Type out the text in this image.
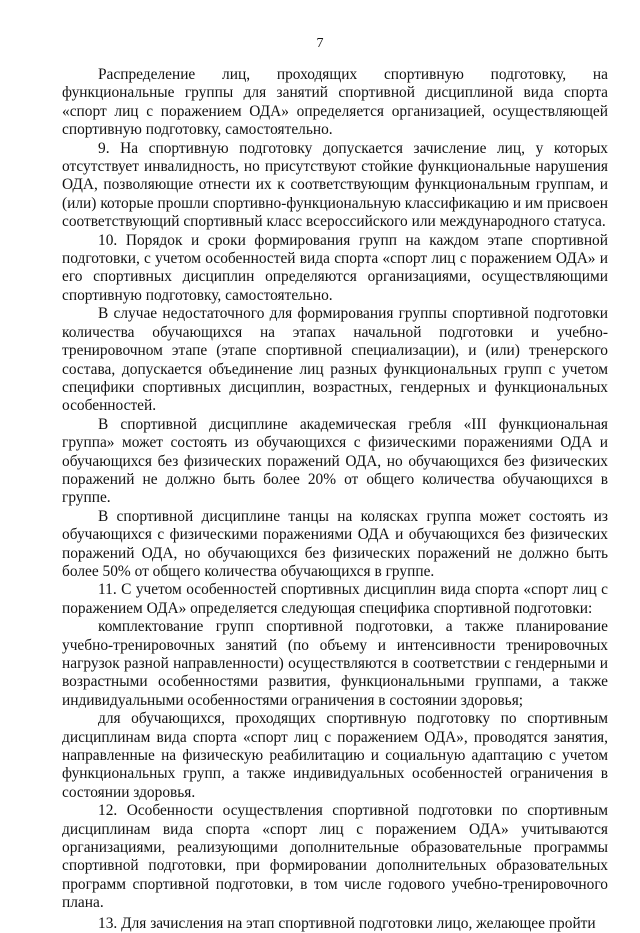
7

Распределение лиц, проходящих спортивную подготовку, на функциональные группы для занятий спортивной дисциплиной вида спорта «спорт лиц с поражением ОДА» определяется организацией, осуществляющей спортивную подготовку, самостоятельно.

9. На спортивную подготовку допускается зачисление лиц, у которых отсутствует инвалидность, но присутствуют стойкие функциональные нарушения ОДА, позволяющие отнести их к соответствующим функциональным группам, и (или) которые прошли спортивно-функциональную классификацию и им присвоен соответствующий спортивный класс всероссийского или международного статуса.

10. Порядок и сроки формирования групп на каждом этапе спортивной подготовки, с учетом особенностей вида спорта «спорт лиц с поражением ОДА» и его спортивных дисциплин определяются организациями, осуществляющими спортивную подготовку, самостоятельно.

В случае недостаточного для формирования группы спортивной подготовки количества обучающихся на этапах начальной подготовки и учебно-тренировочном этапе (этапе спортивной специализации), и (или) тренерского состава, допускается объединение лиц разных функциональных групп с учетом специфики спортивных дисциплин, возрастных, гендерных и функциональных особенностей.

В спортивной дисциплине академическая гребля «III функциональная группа» может состоять из обучающихся с физическими поражениями ОДА и обучающихся без физических поражений ОДА, но обучающихся без физических поражений не должно быть более 20% от общего количества обучающихся в группе.

В спортивной дисциплине танцы на колясках группа может состоять из обучающихся с физическими поражениями ОДА и обучающихся без физических поражений ОДА, но обучающихся без физических поражений не должно быть более 50% от общего количества обучающихся в группе.

11. С учетом особенностей спортивных дисциплин вида спорта «спорт лиц с поражением ОДА» определяется следующая специфика спортивной подготовки:

комплектование групп спортивной подготовки, а также планирование учебно-тренировочных занятий (по объему и интенсивности тренировочных нагрузок разной направленности) осуществляются в соответствии с гендерными и возрастными особенностями развития, функциональными группами, а также индивидуальными особенностями ограничения в состоянии здоровья;

для обучающихся, проходящих спортивную подготовку по спортивным дисциплинам вида спорта «спорт лиц с поражением ОДА», проводятся занятия, направленные на физическую реабилитацию и социальную адаптацию с учетом функциональных групп, а также индивидуальных особенностей ограничения в состоянии здоровья.

12. Особенности осуществления спортивной подготовки по спортивным дисциплинам вида спорта «спорт лиц с поражением ОДА» учитываются организациями, реализующими дополнительные образовательные программы спортивной подготовки, при формировании дополнительных образовательных программ спортивной подготовки, в том числе годового учебно-тренировочного плана.

13. Для зачисления на этап спортивной подготовки лицо, желающее пройти
